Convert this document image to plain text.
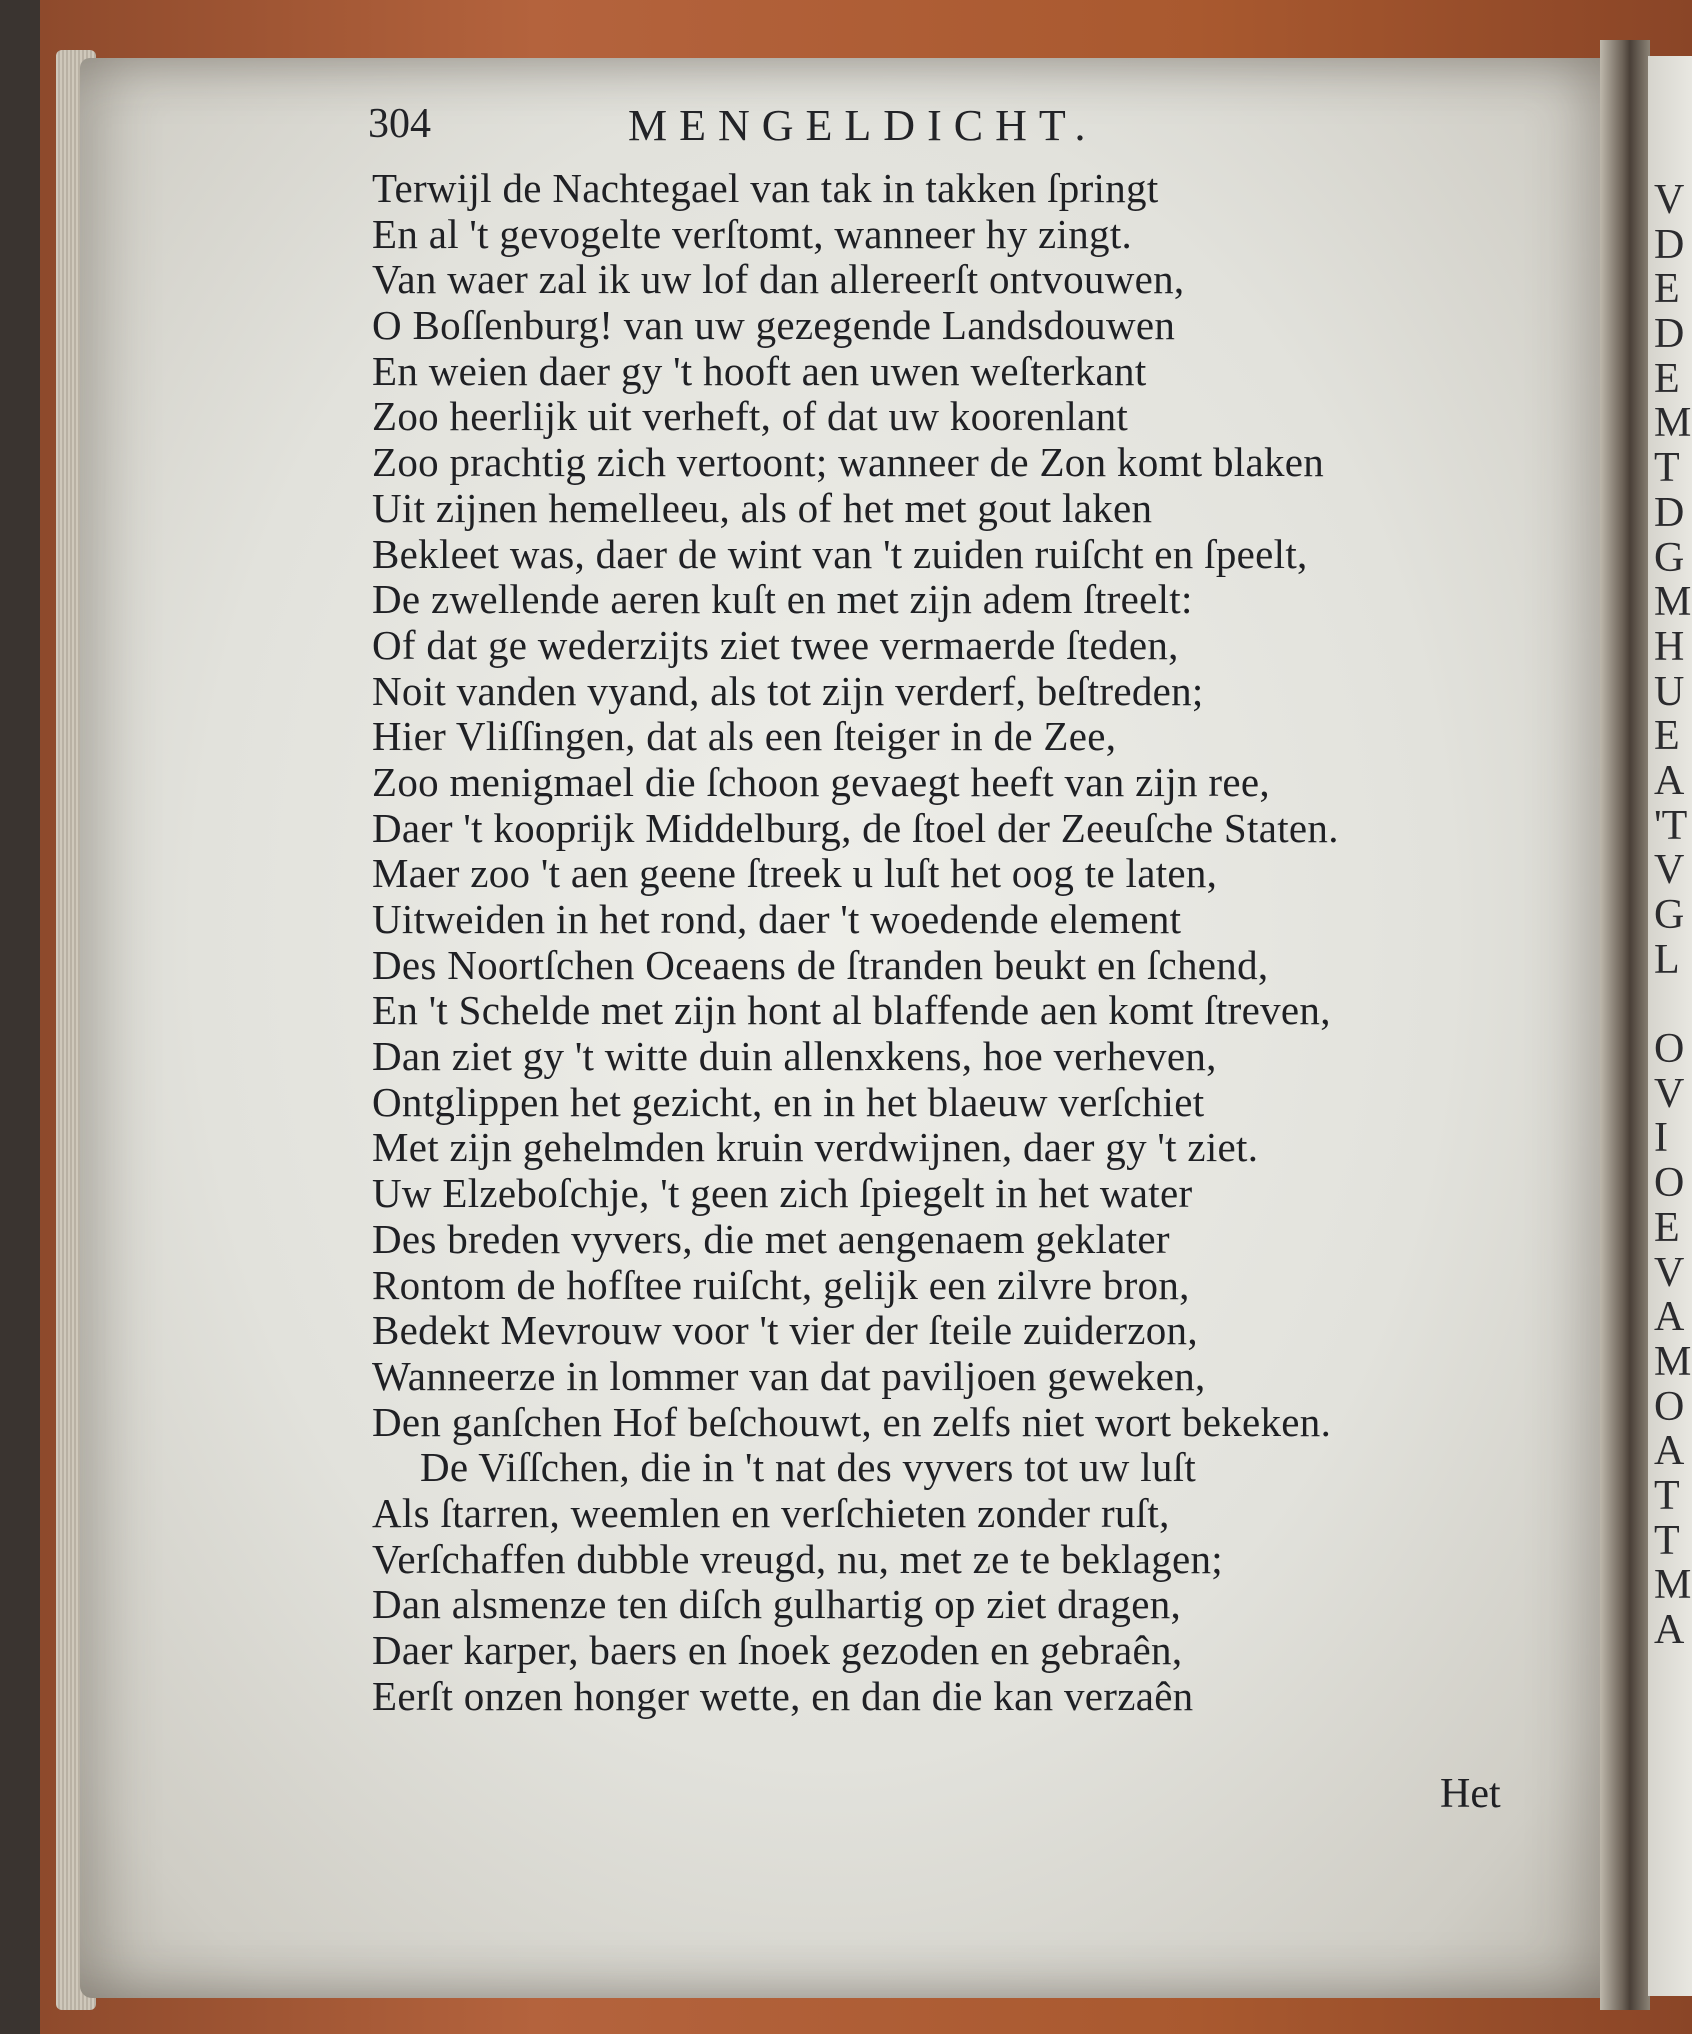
V
D
E
D
E
M
T
D
G
M
H
U
E
A
'T
V
G
L
O
V
I
O
E
V
A
M
O
A
T
T
M
A
304	MENGELDICHT.
Terwijl de Nachtegael van tak in takken ſpringt
En al 't gevogelte verſtomt, wanneer hy zingt.
Van waer zal ik uw lof dan allereerſt ontvouwen,
O Boſſenburg! van uw gezegende Landsdouwen
En weien daer gy 't hooft aen uwen weſterkant
Zoo heerlijk uit verheft, of dat uw koorenlant
Zoo prachtig zich vertoont; wanneer de Zon komt blaken
Uit zijnen hemelleeu, als of het met gout laken
Bekleet was, daer de wint van 't zuiden ruiſcht en ſpeelt,
De zwellende aeren kuſt en met zijn adem ſtreelt:
Of dat ge wederzijts ziet twee vermaerde ſteden,
Noit vanden vyand, als tot zijn verderf, beſtreden;
Hier Vliſſingen, dat als een ſteiger in de Zee,
Zoo menigmael die ſchoon gevaegt heeft van zijn ree,
Daer 't kooprijk Middelburg, de ſtoel der Zeeuſche Staten.
Maer zoo 't aen geene ſtreek u luſt het oog te laten,
Uitweiden in het rond, daer 't woedende element
Des Noortſchen Oceaens de ſtranden beukt en ſchend,
En 't Schelde met zijn hont al blaffende aen komt ſtreven,
Dan ziet gy 't witte duin allenxkens, hoe verheven,
Ontglippen het gezicht, en in het blaeuw verſchiet
Met zijn gehelmden kruin verdwijnen, daer gy 't ziet.
Uw Elzeboſchje, 't geen zich ſpiegelt in het water
Des breden vyvers, die met aengenaem geklater
Rontom de hofſtee ruiſcht, gelijk een zilvre bron,
Bedekt Mevrouw voor 't vier der ſteile zuiderzon,
Wanneerze in lommer van dat paviljoen geweken,
Den ganſchen Hof beſchouwt, en zelfs niet wort bekeken.
De Viſſchen, die in 't nat des vyvers tot uw luſt
Als ſtarren, weemlen en verſchieten zonder ruſt,
Verſchaffen dubble vreugd, nu, met ze te beklagen;
Dan alsmenze ten diſch gulhartig op ziet dragen,
Daer karper, baers en ſnoek gezoden en gebraên,
Eerſt onzen honger wette, en dan die kan verzaên
Het
